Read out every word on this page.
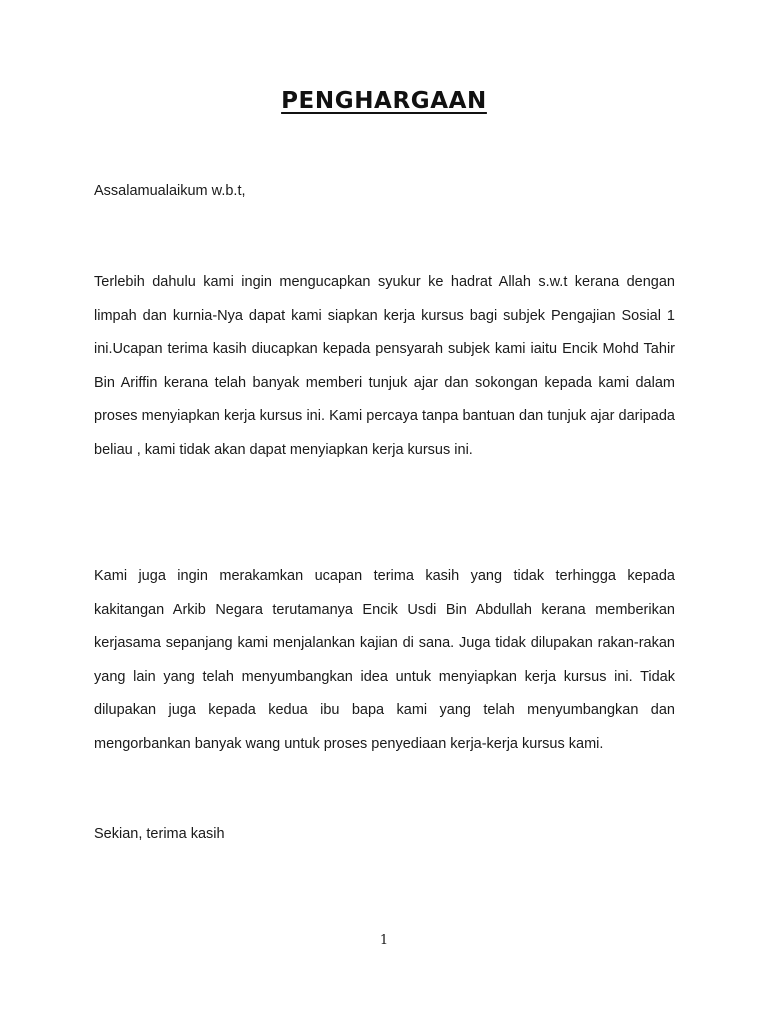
PENGHARGAAN

Assalamualaikum w.b.t,

Terlebih dahulu kami ingin mengucapkan syukur ke hadrat Allah s.w.t kerana dengan limpah dan kurnia-Nya dapat kami siapkan kerja kursus bagi subjek Pengajian Sosial 1 ini.Ucapan terima kasih diucapkan kepada pensyarah subjek kami iaitu Encik Mohd Tahir Bin Ariffin kerana telah banyak memberi tunjuk ajar dan sokongan kepada kami dalam proses menyiapkan kerja kursus ini. Kami percaya tanpa bantuan dan tunjuk ajar daripada beliau , kami tidak akan dapat menyiapkan kerja kursus ini.

Kami juga ingin merakamkan ucapan terima kasih yang tidak terhingga kepada kakitangan Arkib Negara terutamanya Encik Usdi Bin Abdullah kerana memberikan kerjasama sepanjang kami menjalankan kajian di sana. Juga tidak dilupakan rakan-rakan yang lain yang telah menyumbangkan idea untuk menyiapkan kerja kursus ini. Tidak dilupakan juga kepada kedua ibu bapa kami yang telah menyumbangkan dan mengorbankan banyak wang untuk proses penyediaan kerja-kerja kursus kami.

Sekian, terima kasih

1
